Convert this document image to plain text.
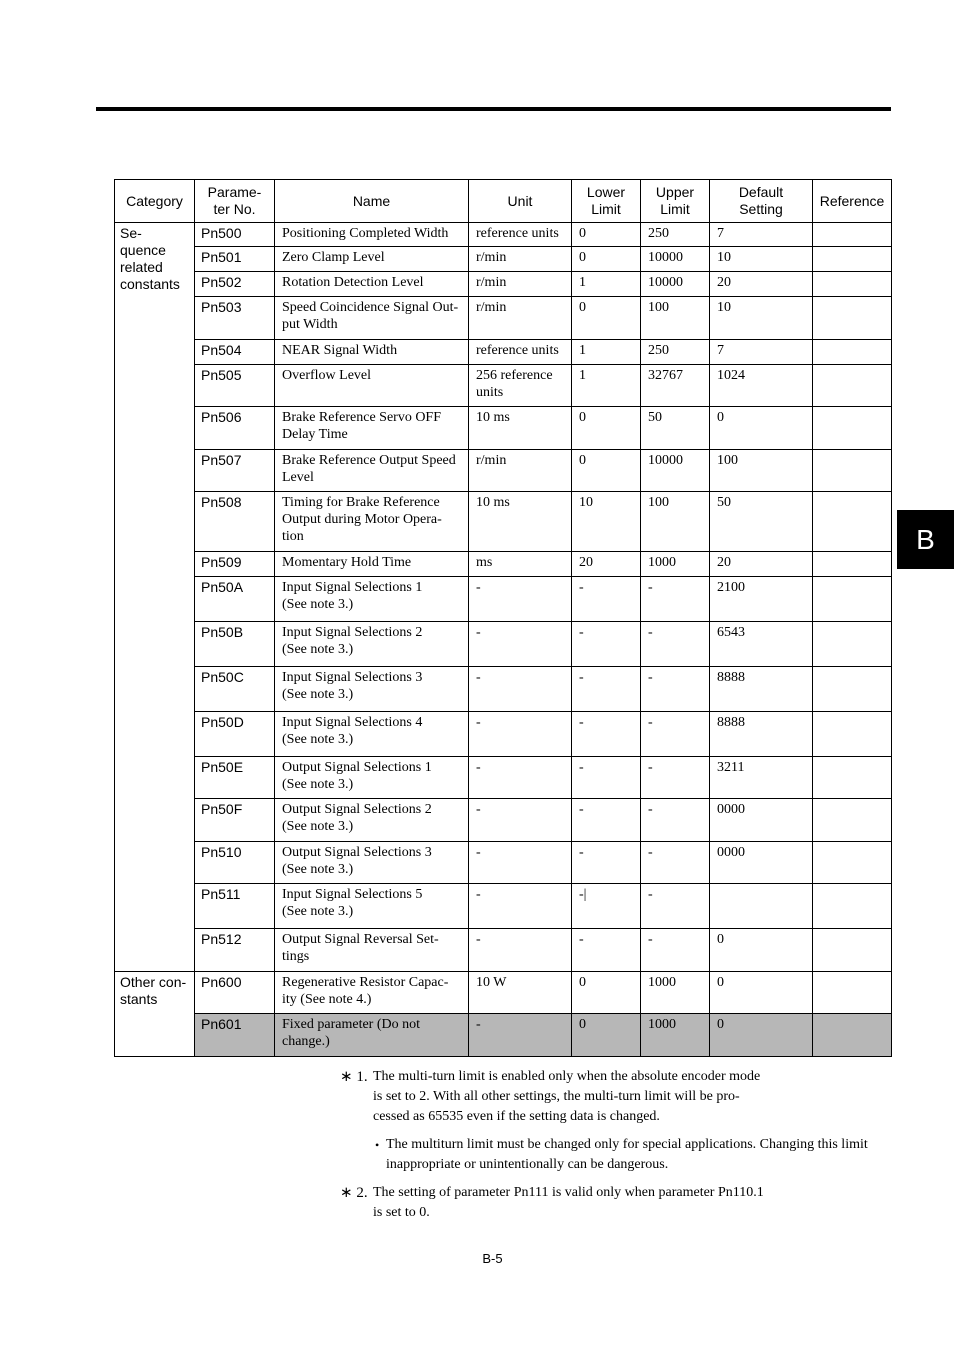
B
Category	Parame-
ter No.	Name	Unit	Lower
Limit	Upper
Limit	Default
Setting	Reference
Se-
quence
related
constants	Pn500	Positioning Completed Width	reference units	0	250	7	
	Pn501	Zero Clamp Level	r/min	0	10000	10	
	Pn502	Rotation Detection Level	r/min	1	10000	20	
	Pn503	Speed Coincidence Signal Out-
put Width	r/min	0	100	10	
	Pn504	NEAR Signal Width	reference units	1	250	7	
	Pn505	Overflow Level	256 reference
units	1	32767	1024	
	Pn506	Brake Reference Servo OFF
Delay Time	10 ms	0	50	0	
	Pn507	Brake Reference Output Speed
Level	r/min	0	10000	100	
	Pn508	Timing for Brake Reference
Output during Motor Opera-
tion	10 ms	10	100	50	
	Pn509	Momentary Hold Time	ms	20	1000	20	
	Pn50A	Input Signal Selections 1
(See note 3.)	-	-	-	2100	
	Pn50B	Input Signal Selections 2
(See note 3.)	-	-	-	6543	
	Pn50C	Input Signal Selections 3
(See note 3.)	-	-	-	8888	
	Pn50D	Input Signal Selections 4
(See note 3.)	-	-	-	8888	
	Pn50E	Output Signal Selections 1
(See note 3.)	-	-	-	3211	
	Pn50F	Output Signal Selections 2
(See note 3.)	-	-	-	0000	
	Pn510	Output Signal Selections 3
(See note 3.)	-	-	-	0000	
	Pn511	Input Signal Selections 5
(See note 3.)	-	-|	-		
	Pn512	Output Signal Reversal Set-
tings	-	-	-	0	
Other con-
stants	Pn600	Regenerative Resistor Capac-
ity (See note 4.)	10 W	0	1000	0	
	Pn601	Fixed parameter (Do not
change.)	-	0	1000	0	
∗ 1. The multi-turn limit is enabled only when the absolute encoder mode
is set to 2. With all other settings, the multi-turn limit will be pro-
cessed as 65535 even if the setting data is changed.
• The multiturn limit must be changed only for special applications. Changing this limit
inappropriate or unintentionally can be dangerous.
∗ 2. The setting of parameter Pn111 is valid only when parameter Pn110.1
is set to 0.
B-5
